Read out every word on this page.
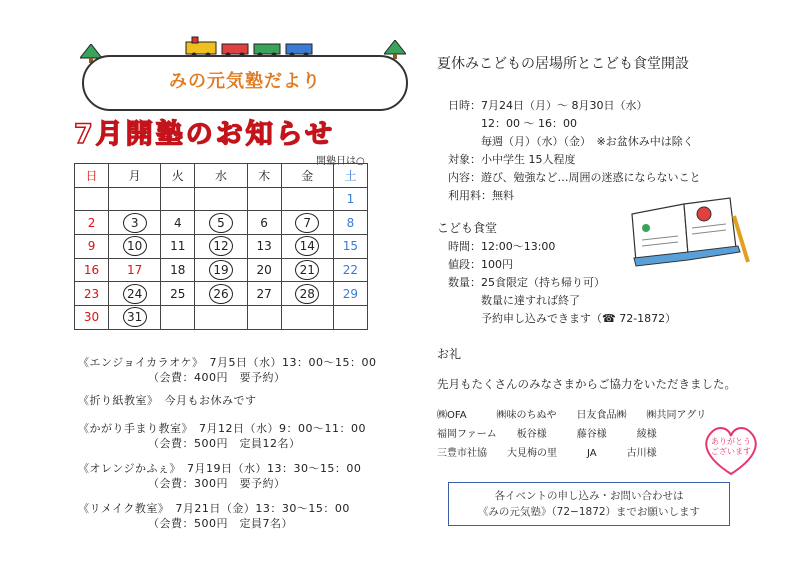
みの元気塾だより
7月開塾のお知らせ
開塾日は○
日	月	火	水	木	金	土
						1
2	3	4	5	6	7	8
9	10	11	12	13	14	15
16	17	18	19	20	21	22
23	24	25	26	27	28	29
30	31					
《エンジョイカラオケ》　7月5日（水）13：00〜15：00
（会費：400円　要予約）
《折り紙教室》　今月もお休みです
《かがり手まり教室》　7月12日（水）9：00〜11：00
（会費：500円　定員12名）
《オレンジかふぇ》　7月19日（水）13：30〜15：00
（会費：300円　要予約）
《リメイク教室》　7月21日（金）13：30〜15：00
（会費：500円　定員7名）
夏休みこどもの居場所とこども食堂開設
日時：7月24日（月）〜 8月30日（水）
　　　12：00 〜 16：00
　　　毎週（月）（水）（金）　※お盆休み中は除く
対象：小中学生 15人程度
内容：遊び、勉強など…周囲の迷惑にならないこと
利用料：無料
こども食堂
時間：12:00〜13:00
値段：100円
数量：25食限定（持ち帰り可）
　　　数量に達すれば終了
　　　予約申し込みできます（☎ 72-1872）
お礼
先月もたくさんのみなさまからご協力をいただきました。
㈱OFA　　　㈱味のちぬや　　日友食品㈱　　㈱共同アグリ
福岡ファーム　　板谷様　　　藤谷様　　　綾様
三豊市社協　　大見梅の里　　　JA　　　古川様
ありがとう
ございます
各イベントの申し込み・お問い合わせは
《みの元気塾》（72−1872）までお願いします
